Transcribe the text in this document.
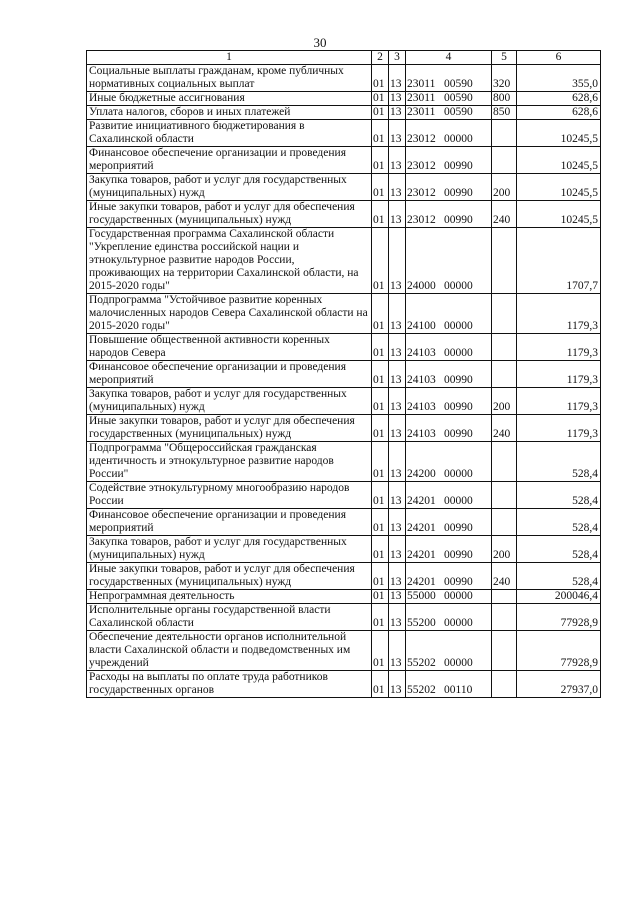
30
1	2	3	4	5	6
Социальные выплаты гражданам, кроме публичных нормативных социальных выплат	01	13	23011 00590	320	355,0
Иные бюджетные ассигнования	01	13	23011 00590	800	628,6
Уплата налогов, сборов и иных платежей	01	13	23011 00590	850	628,6
Развитие инициативного бюджетирования в Сахалинской области	01	13	23012 00000		10245,5
Финансовое обеспечение организации и проведения мероприятий	01	13	23012 00990		10245,5
Закупка товаров, работ и услуг для государственных (муниципальных) нужд	01	13	23012 00990	200	10245,5
Иные закупки товаров, работ и услуг для обеспечения государственных (муниципальных) нужд	01	13	23012 00990	240	10245,5
Государственная программа Сахалинской области "Укрепление единства российской нации и этнокультурное развитие народов России, проживающих на территории Сахалинской области, на 2015-2020 годы"	01	13	24000 00000		1707,7
Подпрограмма "Устойчивое развитие коренных малочисленных народов Севера Сахалинской области на 2015-2020 годы"	01	13	24100 00000		1179,3
Повышение общественной активности коренных народов Севера	01	13	24103 00000		1179,3
Финансовое обеспечение организации и проведения мероприятий	01	13	24103 00990		1179,3
Закупка товаров, работ и услуг для государственных (муниципальных) нужд	01	13	24103 00990	200	1179,3
Иные закупки товаров, работ и услуг для обеспечения государственных (муниципальных) нужд	01	13	24103 00990	240	1179,3
Подпрограмма "Общероссийская гражданская идентичность и этнокультурное развитие народов России"	01	13	24200 00000		528,4
Содействие этнокультурному многообразию народов России	01	13	24201 00000		528,4
Финансовое обеспечение организации и проведения мероприятий	01	13	24201 00990		528,4
Закупка товаров, работ и услуг для государственных (муниципальных) нужд	01	13	24201 00990	200	528,4
Иные закупки товаров, работ и услуг для обеспечения государственных (муниципальных) нужд	01	13	24201 00990	240	528,4
Непрограммная деятельность	01	13	55000 00000		200046,4
Исполнительные органы государственной власти Сахалинской области	01	13	55200 00000		77928,9
Обеспечение деятельности органов исполнительной власти Сахалинской области и подведомственных им учреждений	01	13	55202 00000		77928,9
Расходы на выплаты по оплате труда работников государственных органов	01	13	55202 00110		27937,0
